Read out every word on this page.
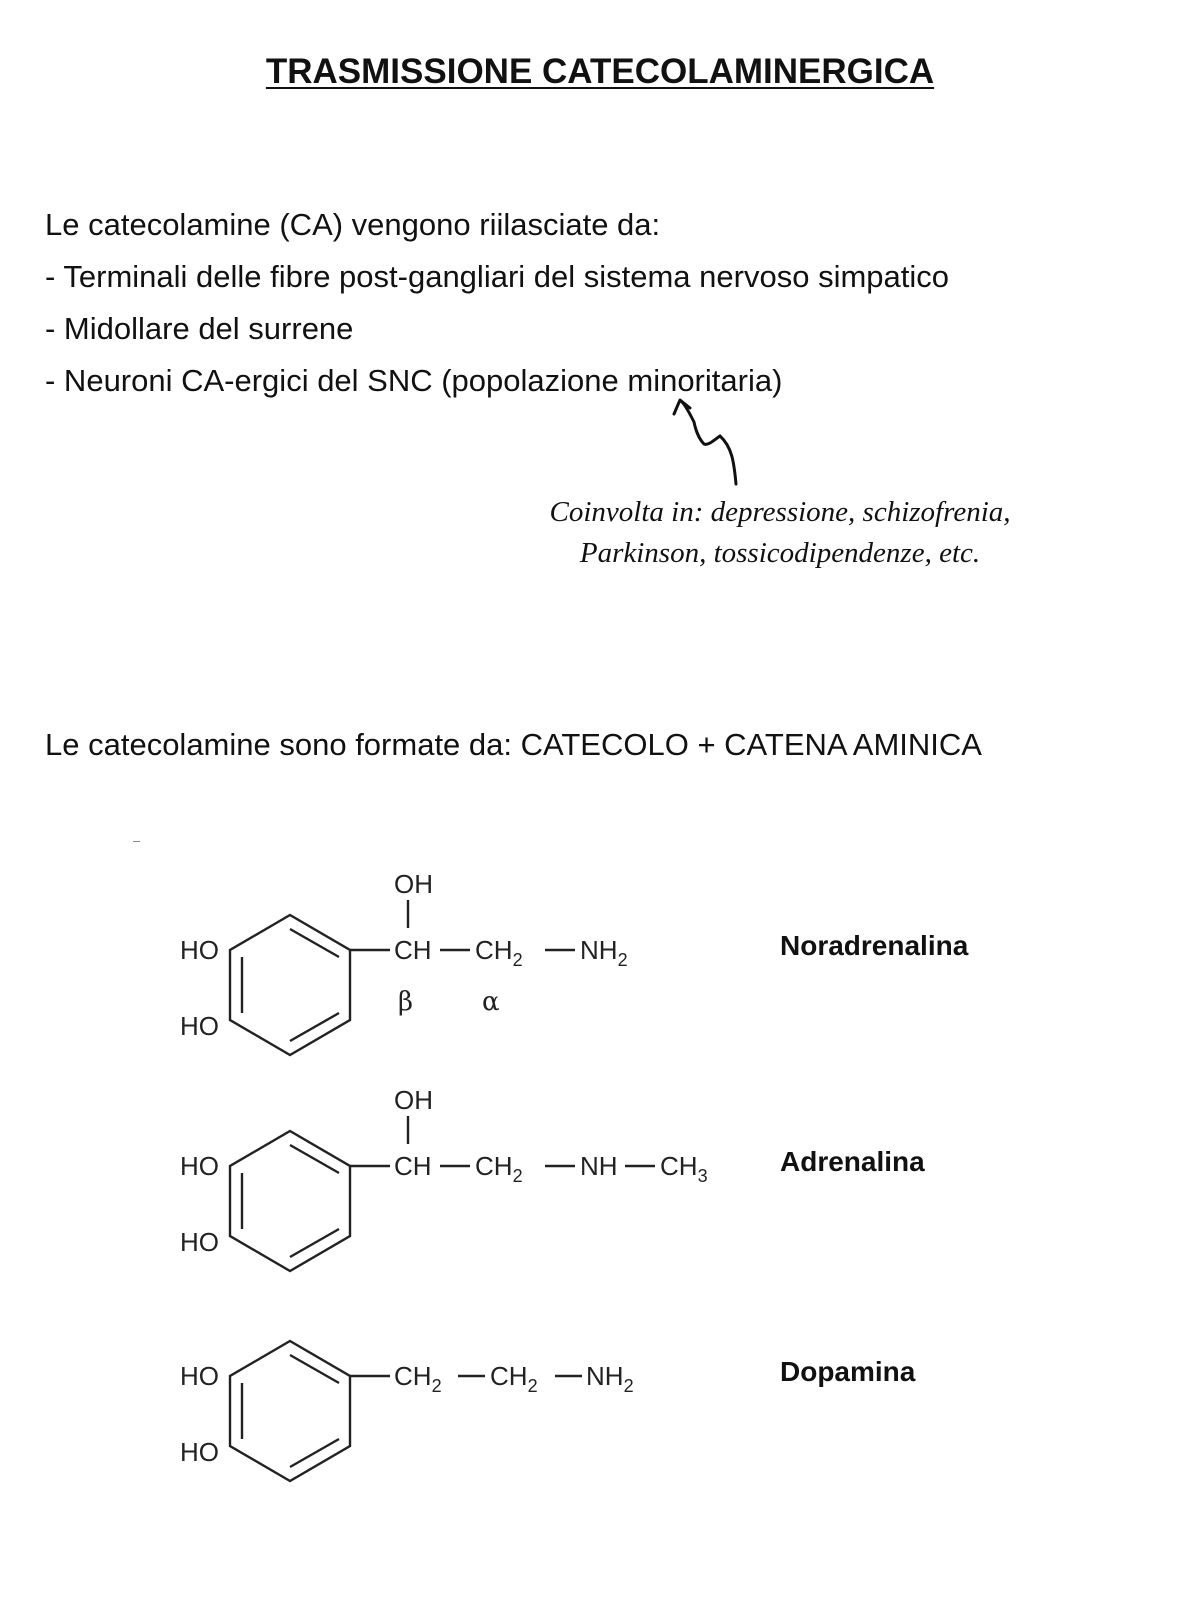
TRASMISSIONE CATECOLAMINERGICA
Le catecolamine (CA) vengono riilasciate da:
- Terminali delle fibre post-gangliari del sistema nervoso simpatico
- Midollare del surrene
- Neuroni CA-ergici del SNC (popolazione minoritaria)
Coinvolta in: depressione, schizofrenia,
Parkinson, tossicodipendenze, etc.
Le catecolamine sono formate da: CATECOLO + CATENA AMINICA
HO
HO
OH
CH $CH_2$ $NH_2$
β	α
Noradrenalina
HO
HO
OH
CH $CH_2$ NH $CH_3$	Adrenalina
HO
HO
$CH_2$ $CH_2$ $NH_2$	Dopamina
